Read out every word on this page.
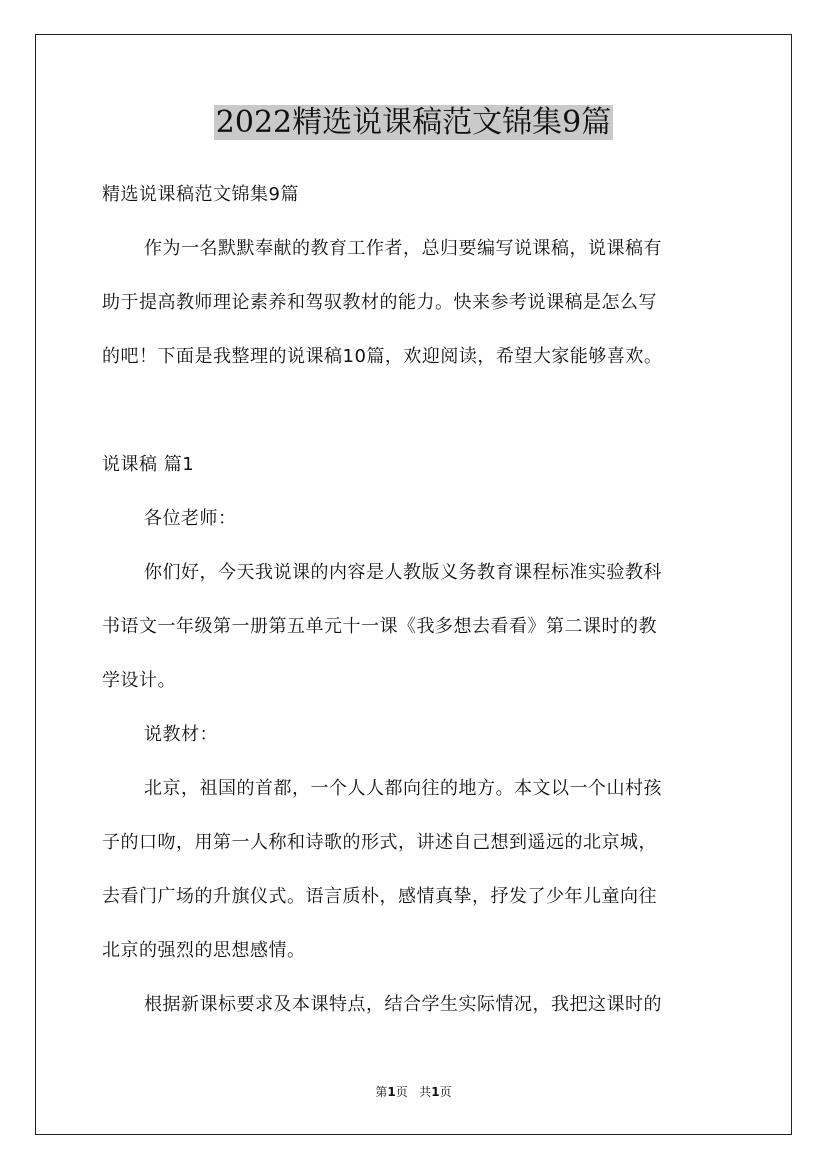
2022精选说课稿范文锦集9篇
精选说课稿范文锦集9篇
作为一名默默奉献的教育工作者，总归要编写说课稿，说课稿有
助于提高教师理论素养和驾驭教材的能力。快来参考说课稿是怎么写
的吧！下面是我整理的说课稿10篇，欢迎阅读，希望大家能够喜欢。
说课稿 篇1
各位老师：
你们好，今天我说课的内容是人教版义务教育课程标准实验教科
书语文一年级第一册第五单元十一课《我多想去看看》第二课时的教
学设计。
说教材：
北京，祖国的首都，一个人人都向往的地方。本文以一个山村孩
子的口吻，用第一人称和诗歌的形式，讲述自己想到遥远的北京城，
去看门广场的升旗仪式。语言质朴，感情真挚，抒发了少年儿童向往
北京的强烈的思想感情。
根据新课标要求及本课特点，结合学生实际情况，我把这课时的
第1页 共1页
